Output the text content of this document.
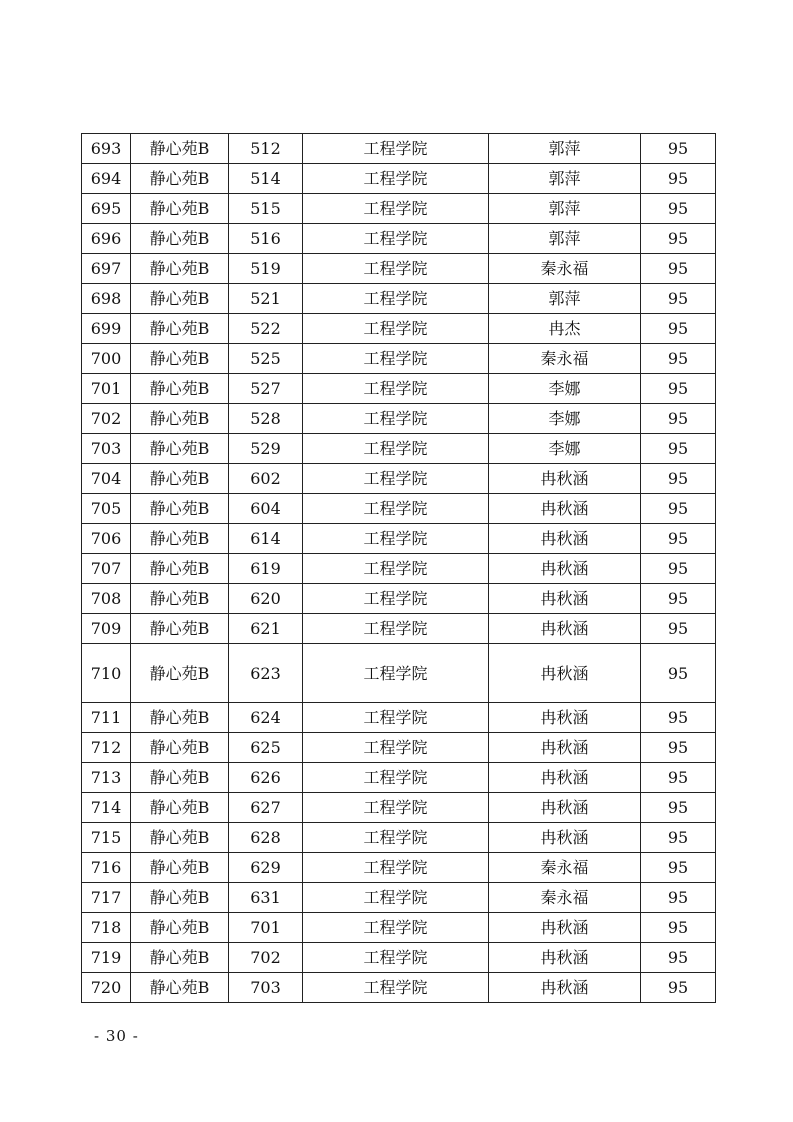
693	静心苑B	512	工程学院	郭萍	95
694	静心苑B	514	工程学院	郭萍	95
695	静心苑B	515	工程学院	郭萍	95
696	静心苑B	516	工程学院	郭萍	95
697	静心苑B	519	工程学院	秦永福	95
698	静心苑B	521	工程学院	郭萍	95
699	静心苑B	522	工程学院	冉杰	95
700	静心苑B	525	工程学院	秦永福	95
701	静心苑B	527	工程学院	李娜	95
702	静心苑B	528	工程学院	李娜	95
703	静心苑B	529	工程学院	李娜	95
704	静心苑B	602	工程学院	冉秋涵	95
705	静心苑B	604	工程学院	冉秋涵	95
706	静心苑B	614	工程学院	冉秋涵	95
707	静心苑B	619	工程学院	冉秋涵	95
708	静心苑B	620	工程学院	冉秋涵	95
709	静心苑B	621	工程学院	冉秋涵	95
710	静心苑B	623	工程学院	冉秋涵	95
711	静心苑B	624	工程学院	冉秋涵	95
712	静心苑B	625	工程学院	冉秋涵	95
713	静心苑B	626	工程学院	冉秋涵	95
714	静心苑B	627	工程学院	冉秋涵	95
715	静心苑B	628	工程学院	冉秋涵	95
716	静心苑B	629	工程学院	秦永福	95
717	静心苑B	631	工程学院	秦永福	95
718	静心苑B	701	工程学院	冉秋涵	95
719	静心苑B	702	工程学院	冉秋涵	95
720	静心苑B	703	工程学院	冉秋涵	95
- 30 -
